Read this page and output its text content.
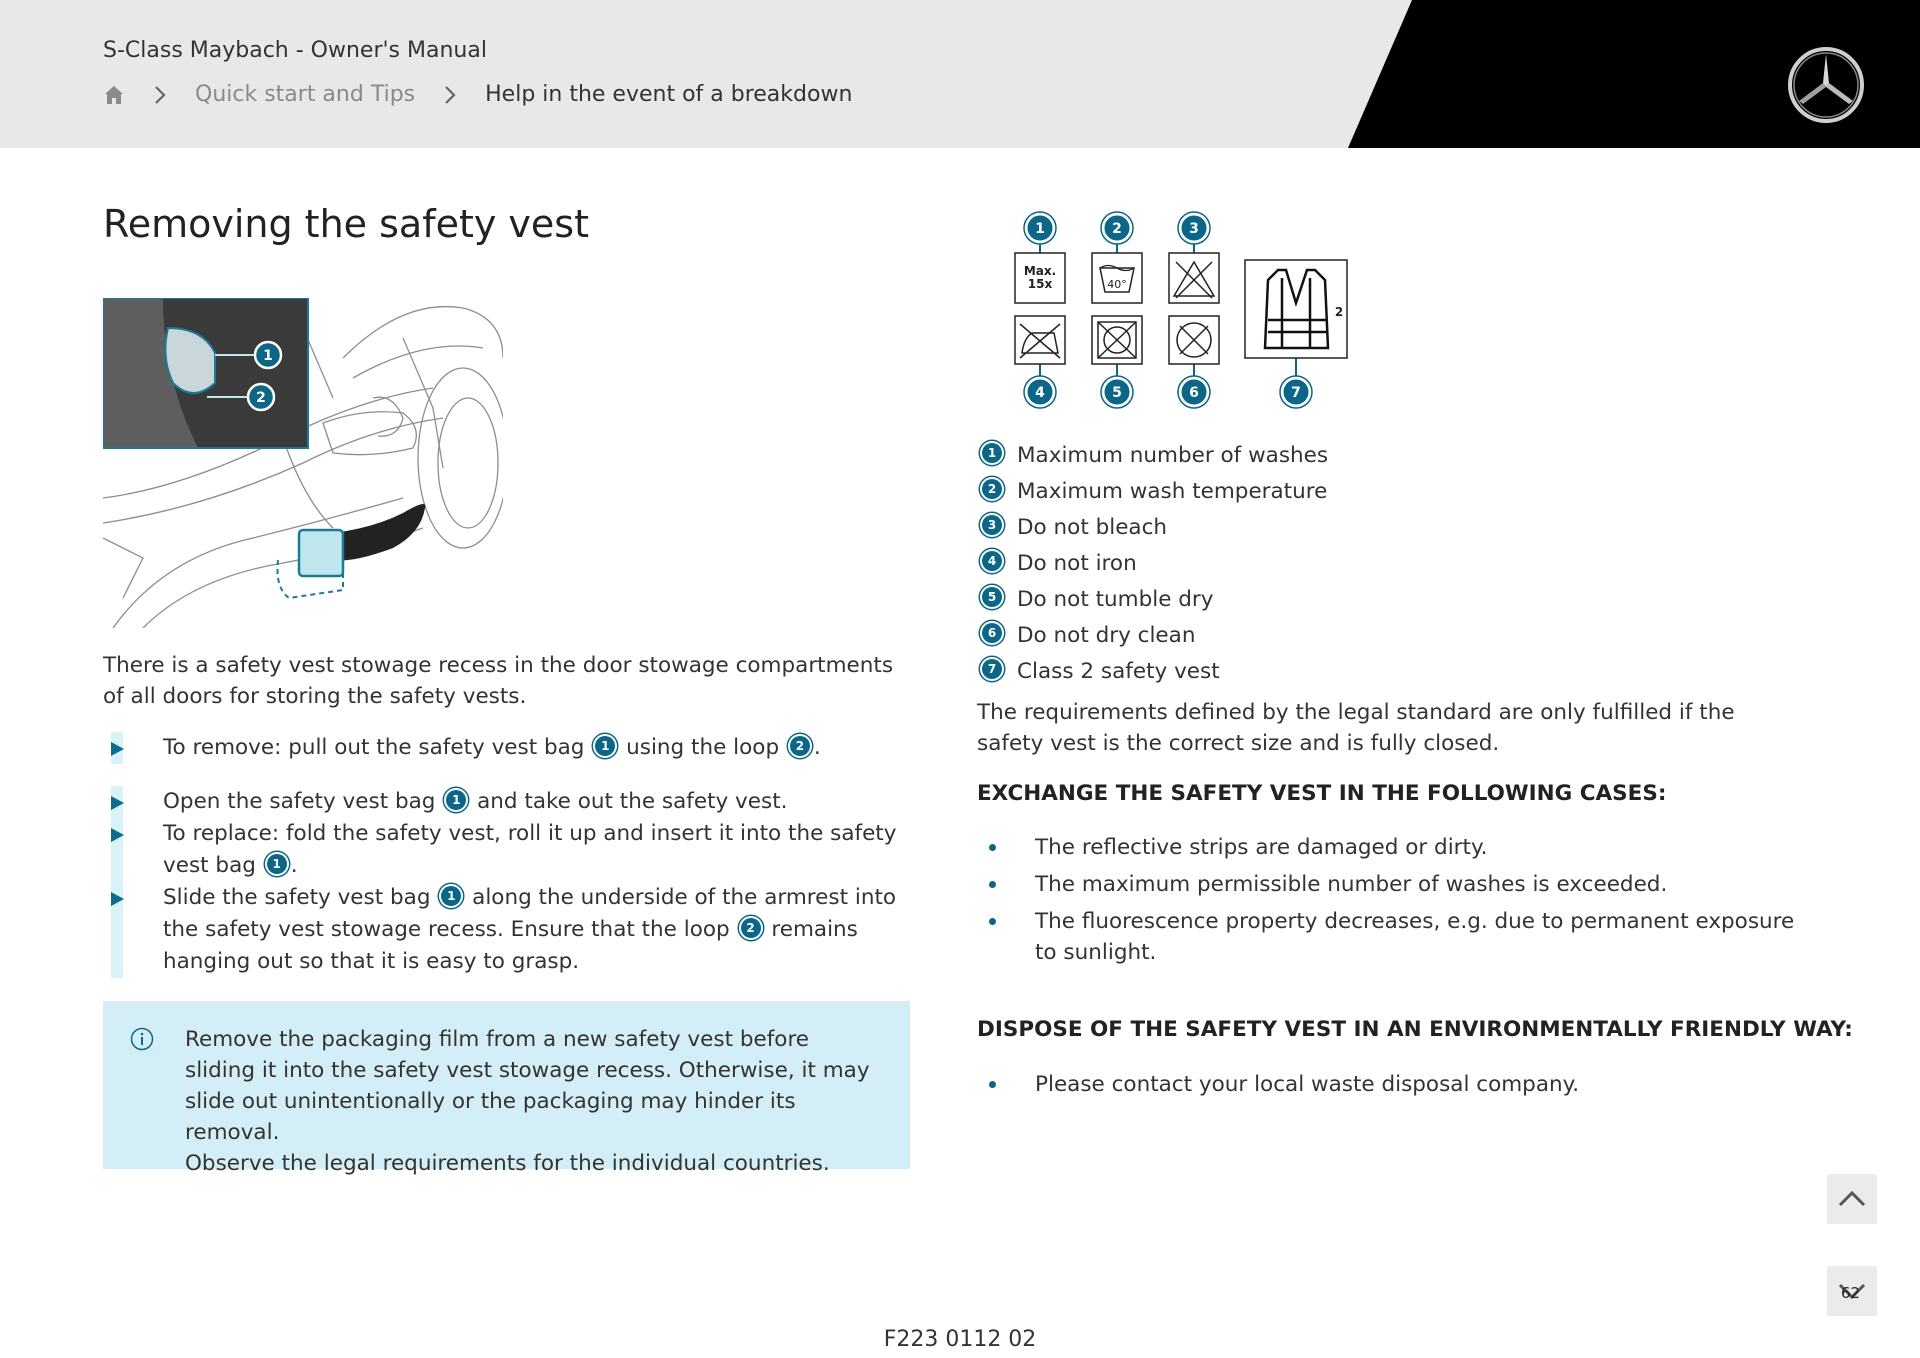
S-Class Maybach - Owner's Manual
Quick start and Tips	Help in the event of a breakdown
Removing the safety vest
1
2

There is a safety vest stowage recess in the door stowage compartments of all doors for storing the safety vests.

To remove: pull out the safety vest bag 1 using the loop 2 .
Open the safety vest bag 1 and take out the safety vest.
To replace: fold the safety vest, roll it up and insert it into the safety vest bag 1 .
Slide the safety vest bag 1 along the underside of the armrest into the safety vest stowage recess. Ensure that the loop 2 remains hanging out so that it is easy to grasp.

Remove the packaging film from a new safety vest before sliding it into the safety vest stowage recess. Otherwise, it may slide out unintentionally or the packaging may hinder its removal.
Observe the legal requirements for the individual countries.

Max.
15x	40°
2
1	2	3
4	5	6	7
1 Maximum number of washes
2 Maximum wash temperature
3 Do not bleach
4 Do not iron
5 Do not tumble dry
6 Do not dry clean
7 Class 2 safety vest

The requirements defined by the legal standard are only fulfilled if the safety vest is the correct size and is fully closed.

EXCHANGE THE SAFETY VEST IN THE FOLLOWING CASES:
The reflective strips are damaged or dirty.
The maximum permissible number of washes is exceeded.
The fluorescence property decreases, e.g. due to permanent exposure to sunlight.
DISPOSE OF THE SAFETY VEST IN AN ENVIRONMENTALLY FRIENDLY WAY:
Please contact your local waste disposal company.
62
F223 0112 02
